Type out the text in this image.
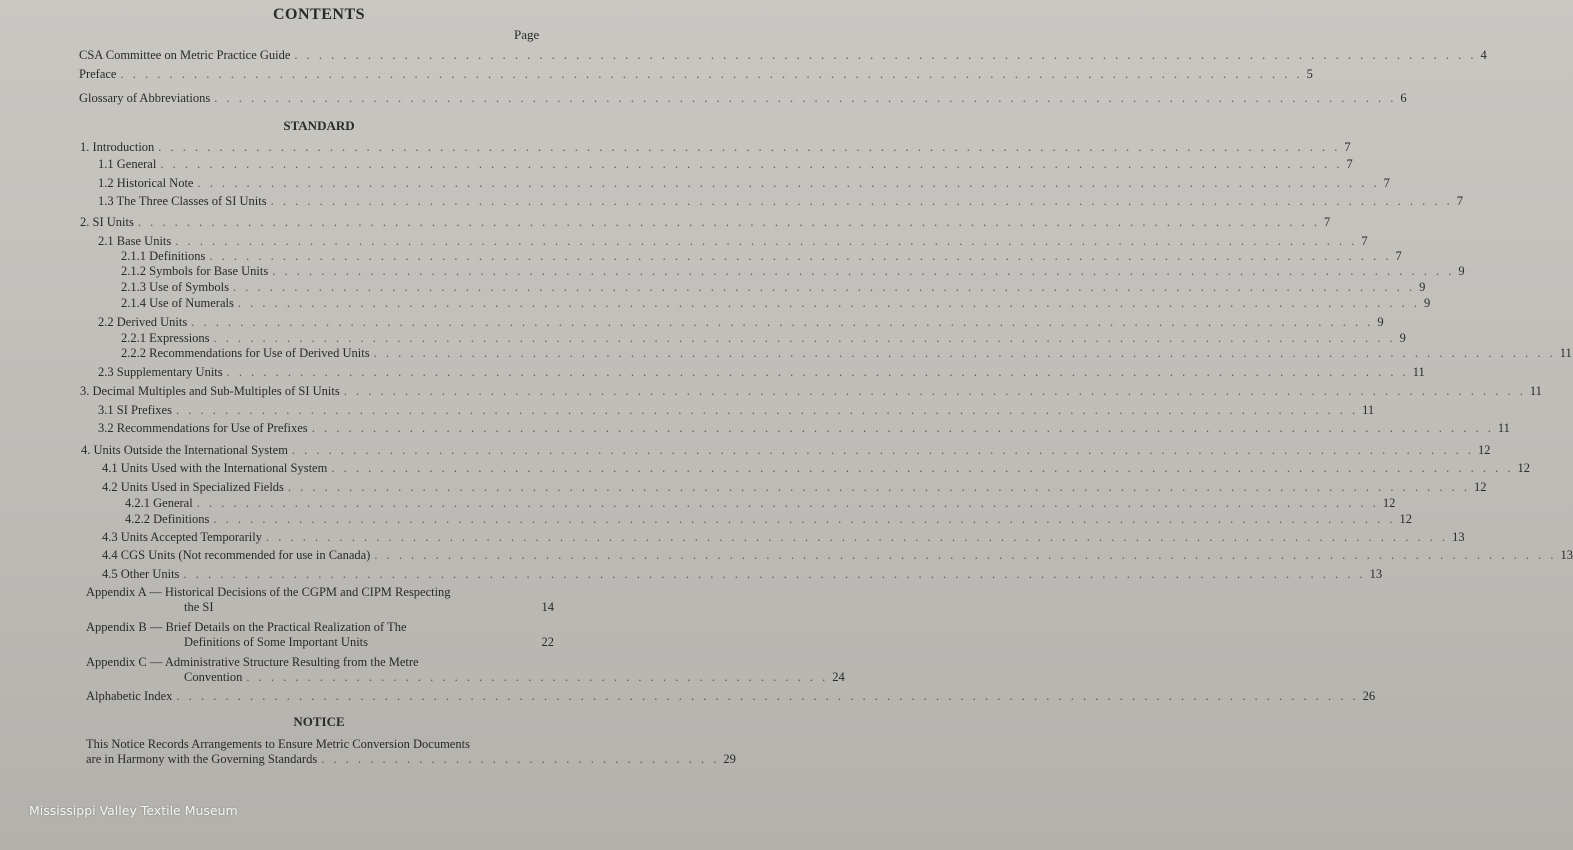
CONTENTS
Page
CSA Committee on Metric Practice Guide . . .	4
Preface . . .	5
Glossary of Abbreviations . . .	6
STANDARD
1. Introduction . . .	7
1.1 General . . .	7
1.2 Historical Note . . .	7
1.3 The Three Classes of SI Units . . .	7
2. SI Units . . .	7
2.1 Base Units . . .	7
2.1.1 Definitions . . .	7
2.1.2 Symbols for Base Units . . .	9
2.1.3 Use of Symbols . . .	9
2.1.4 Use of Numerals . . .	9
2.2 Derived Units . . .	9
2.2.1 Expressions . . .	9
2.2.2 Recommendations for Use of Derived Units . . .	11
2.3 Supplementary Units . . .	11
3. Decimal Multiples and Sub-Multiples of SI Units . . .	11
3.1 SI Prefixes . . .	11
3.2 Recommendations for Use of Prefixes . . .	11
4. Units Outside the International System . . .	12
4.1 Units Used with the International System . . .	12
4.2 Units Used in Specialized Fields . . .	12
4.2.1 General . . .	12
4.2.2 Definitions . . .	12
4.3 Units Accepted Temporarily . . .	13
4.4 CGS Units (Not recommended for use in Canada) . . .	13
4.5 Other Units . . .	13
Appendix A — Historical Decisions of the CGPM and CIPM Respecting
the SI	14
Appendix B — Brief Details on the Practical Realization of The
Definitions of Some Important Units	22
Appendix C — Administrative Structure Resulting from the Metre
Convention . . . . . . . . . . . . . . . . . . . . . . . . . . . . . . . . . . . . . . . . . . . . . . . . 24
Alphabetic Index . . .	26
NOTICE
This Notice Records Arrangements to Ensure Metric Conversion Documents
are in Harmony with the Governing Standards . . . . . . . . . . . . . . . . . . . . . . . . . . . . . . . . . 29
Mississippi Valley Textile Museum
